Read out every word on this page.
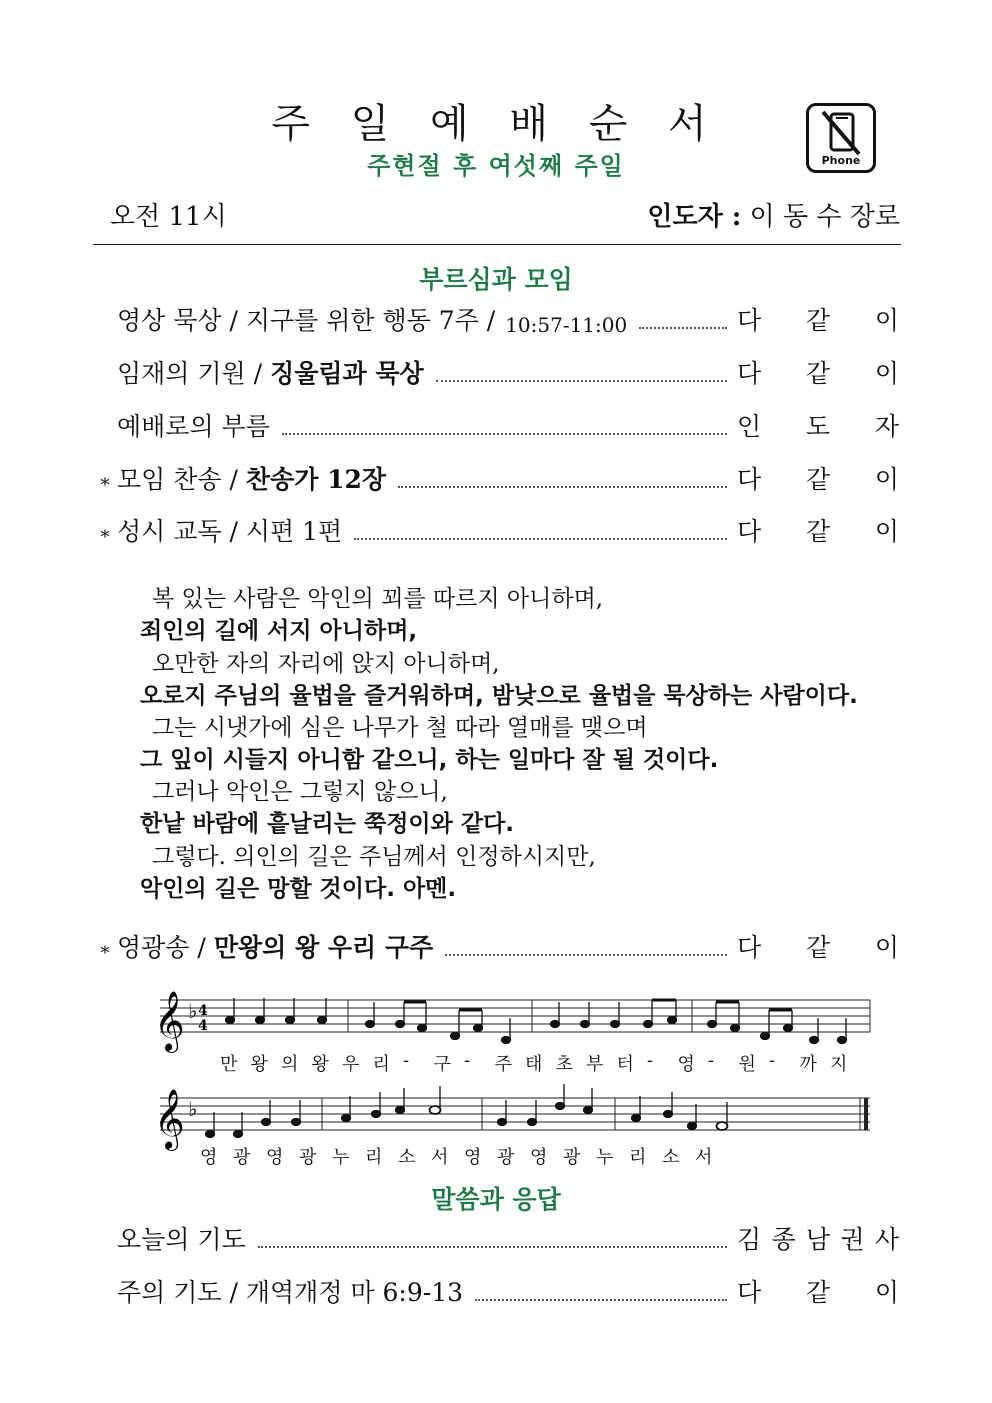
주 일 예 배 순 서
주현절 후 여섯째 주일	Phone
오전 11시	인도자 : 이 동 수 장로
부르심과 모임
영상 묵상 / 지구를 위한 행동 7주 / 10:57-11:00	다 같 이
임재의 기원 / 징울림과 묵상	다 같 이
예배로의 부름	인 도 자
* 모임 찬송 / 찬송가 12장	다 같 이
* 성시 교독 / 시편 1편	다 같 이
복 있는 사람은 악인의 꾀를 따르지 아니하며,
죄인의 길에 서지 아니하며,
오만한 자의 자리에 앉지 아니하며,
오로지 주님의 율법을 즐거워하며, 밤낮으로 율법을 묵상하는 사람이다.
그는 시냇가에 심은 나무가 철 따라 열매를 맺으며
그 잎이 시들지 아니함 같으니, 하는 일마다 잘 될 것이다.
그러나 악인은 그렇지 않으니,
한낱 바람에 흩날리는 쭉정이와 같다.
그렇다. 의인의 길은 주님께서 인정하시지만,
악인의 길은 망할 것이다. 아멘.
* 영광송 / 만왕의 왕 우리 구주	다 같 이
𝄞 ♭ 4
4
𝄞 ♭
만 왕 의 왕 우 리 - 구 - 주 태 초 부 터 - 영 - 원 - 까 지
영 광 영 광 누 리 소 서 영 광 영 광 누 리 소 서
말씀과 응답
오늘의 기도	김 종 남 권 사
주의 기도 / 개역개정 마 6:9-13	다 같 이
